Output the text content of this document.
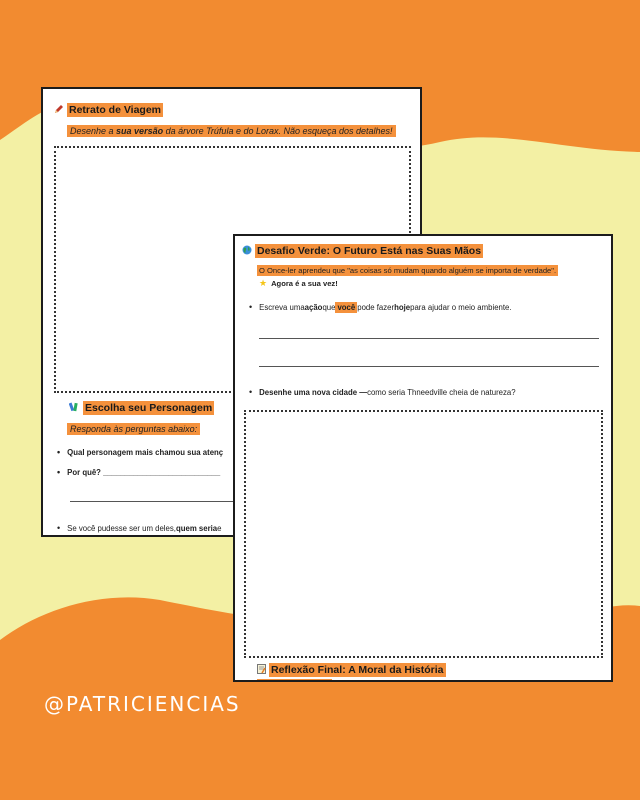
Retrato de Viagem
Desenhe a sua versão da árvore Trúfula e do Lorax. Não esqueça dos detalhes!
Escolha seu Personagem
Responda às perguntas abaixo:
• Qual personagem mais chamou sua atenç
• Por quê? ___________________________
• Se você pudesse ser um deles, quem seria e
Desafio Verde: O Futuro Está nas Suas Mãos
O Once-ler aprendeu que "as coisas só mudam quando alguém se importa de verdade".
★ Agora é a sua vez!
• Escreva uma ação que você pode fazer hoje para ajudar o meio ambiente.
• Desenhe uma nova cidade — como seria Thneedville cheia de natureza?
Reflexão Final: A Moral da História
@PATRICIENCIAS
